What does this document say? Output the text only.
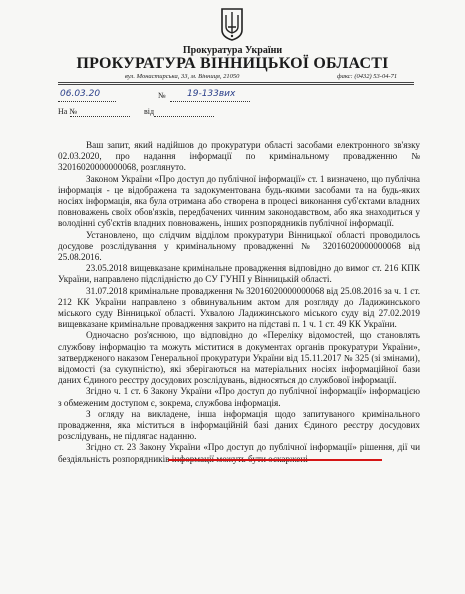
Прокуратура України
ПРОКУРАТУРА ВІННИЦЬКОЇ ОБЛАСТІ
вул. Монастирська, 33, м. Вінниця, 21050	факс: (0432) 53-04-71
06.03.20	№ 19-133вих
На №	від

Ваш запит, який надійшов до прокуратури області засобами електронного зв'язку 02.03.2020, про надання інформації по кримінальному провадженню № 32016020000000068, розглянуто.

Законом України «Про доступ до публічної інформації» ст. 1 визначено, що публічна інформація - це відображена та задокументована будь-якими засобами та на будь-яких носіях інформація, яка була отримана або створена в процесі виконання суб'єктами владних повноважень своїх обов'язків, передбачених чинним законодавством, або яка знаходиться у володінні суб'єктів владних повноважень, інших розпорядників публічної інформації.

Установлено, що слідчим відділом прокуратури Вінницької області проводилось досудове розслідування у кримінальному провадженні № 32016020000000068 від 25.08.2016.

23.05.2018 вищевказане кримінальне провадження відповідно до вимог ст. 216 КПК України, направлено підслідністю до СУ ГУНП у Вінницькій області.

31.07.2018 кримінальне провадження № 32016020000000068 від 25.08.2016 за ч. 1 ст. 212 КК України направлено з обвинувальним актом для розгляду до Ладижинського міського суду Вінницької області. Ухвалою Ладижинського міського суду від 27.02.2019 вищевказане кримінальне провадження закрито на підставі п. 1 ч. 1 ст. 49 КК України.

Одночасно роз'яснюю, що відповідно до «Переліку відомостей, що становлять службову інформацію та можуть міститися в документах органів прокуратури України», затвердженого наказом Генеральної прокуратури України від 15.11.2017 № 325 (зі змінами), відомості (за сукупністю), які зберігаються на матеріальних носіях інформаційної бази даних Єдиного реєстру досудових розслідувань, відносяться до службової інформації.

Згідно ч. 1 ст. 6 Закону України «Про доступ до публічної інформації» інформацією з обмеженим доступом є, зокрема, службова інформація.

З огляду на викладене, інша інформація щодо запитуваного кримінального провадження, яка міститься в інформаційній базі даних Єдиного реєстру досудових розслідувань, не підлягає наданню.

Згідно ст. 23 Закону України «Про доступ до публічної інформації» рішення, дії чи бездіяльність розпорядників інформації можуть бути оскаржені
